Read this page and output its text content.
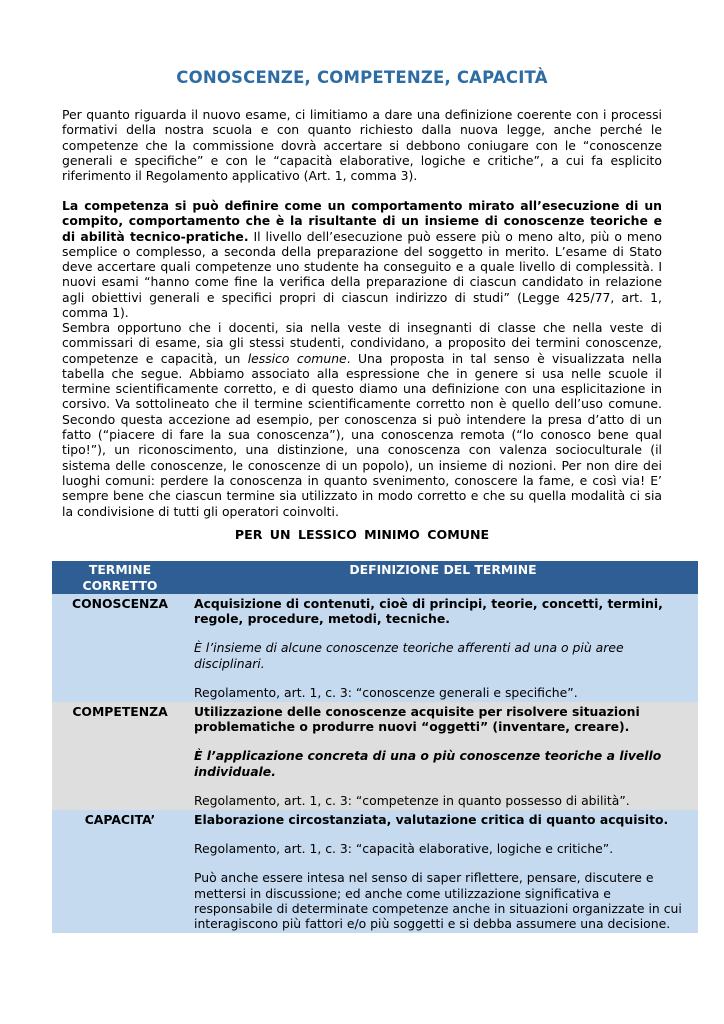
CONOSCENZE, COMPETENZE, CAPACITÀ

Per quanto riguarda il nuovo esame, ci limitiamo a dare una definizione coerente con i processi formativi della nostra scuola e con quanto richiesto dalla nuova legge, anche perché le competenze che la commissione dovrà accertare si debbono coniugare con le “conoscenze generali e specifiche” e con le “capacità elaborative, logiche e critiche”, a cui fa esplicito riferimento il Regolamento applicativo (Art. 1, comma 3).

La competenza si può definire come un comportamento mirato all’esecuzione di un compito, comportamento che è la risultante di un insieme di conoscenze teoriche e di abilità tecnico-pratiche. Il livello dell’esecuzione può essere più o meno alto, più o meno semplice o complesso, a seconda della preparazione del soggetto in merito. L’esame di Stato deve accertare quali competenze uno studente ha conseguito e a quale livello di complessità. I nuovi esami “hanno come fine la verifica della preparazione di ciascun candidato in relazione agli obiettivi generali e specifici propri di ciascun indirizzo di studi” (Legge 425/77, art. 1, comma 1).

Sembra opportuno che i docenti, sia nella veste di insegnanti di classe che nella veste di commissari di esame, sia gli stessi studenti, condividano, a proposito dei termini conoscenze, competenze e capacità, un lessico comune. Una proposta in tal senso è visualizzata nella tabella che segue. Abbiamo associato alla espressione che in genere si usa nelle scuole il termine scientificamente corretto, e di questo diamo una definizione con una esplicitazione in corsivo. Va sottolineato che il termine scientificamente corretto non è quello dell’uso comune. Secondo questa accezione ad esempio, per conoscenza si può intendere la presa d’atto di un fatto (“piacere di fare la sua conoscenza”), una conoscenza remota (“lo conosco bene qual tipo!”), un riconoscimento, una distinzione, una conoscenza con valenza socioculturale (il sistema delle conoscenze, le conoscenze di un popolo), un insieme di nozioni. Per non dire dei luoghi comuni: perdere la conoscenza in quanto svenimento, conoscere la fame, e così via! E’ sempre bene che ciascun termine sia utilizzato in modo corretto e che su quella modalità ci sia la condivisione di tutti gli operatori coinvolti.

PER UN LESSICO MINIMO COMUNE

TERMINE CORRETTO	DEFINIZIONE DEL TERMINE
CONOSCENZA	Acquisizione di contenuti, cioè di principi, teorie, concetti, termini, regole, procedure, metodi, tecniche.

È l’insieme di alcune conoscenze teoriche afferenti ad una o più aree disciplinari.

Regolamento, art. 1, c. 3: “conoscenze generali e specifiche”.

COMPETENZA	Utilizzazione delle conoscenze acquisite per risolvere situazioni problematiche o produrre nuovi “oggetti” (inventare, creare).

È l’applicazione concreta di una o più conoscenze teoriche a livello individuale.

Regolamento, art. 1, c. 3: “competenze in quanto possesso di abilità”.

CAPACITA’	Elaborazione circostanziata, valutazione critica di quanto acquisito.

Regolamento, art. 1, c. 3: “capacità elaborative, logiche e critiche”.

Può anche essere intesa nel senso di saper riflettere, pensare, discutere e mettersi in discussione; ed anche come utilizzazione significativa e responsabile di determinate competenze anche in situazioni organizzate in cui interagiscono più fattori e/o più soggetti e si debba assumere una decisione.
